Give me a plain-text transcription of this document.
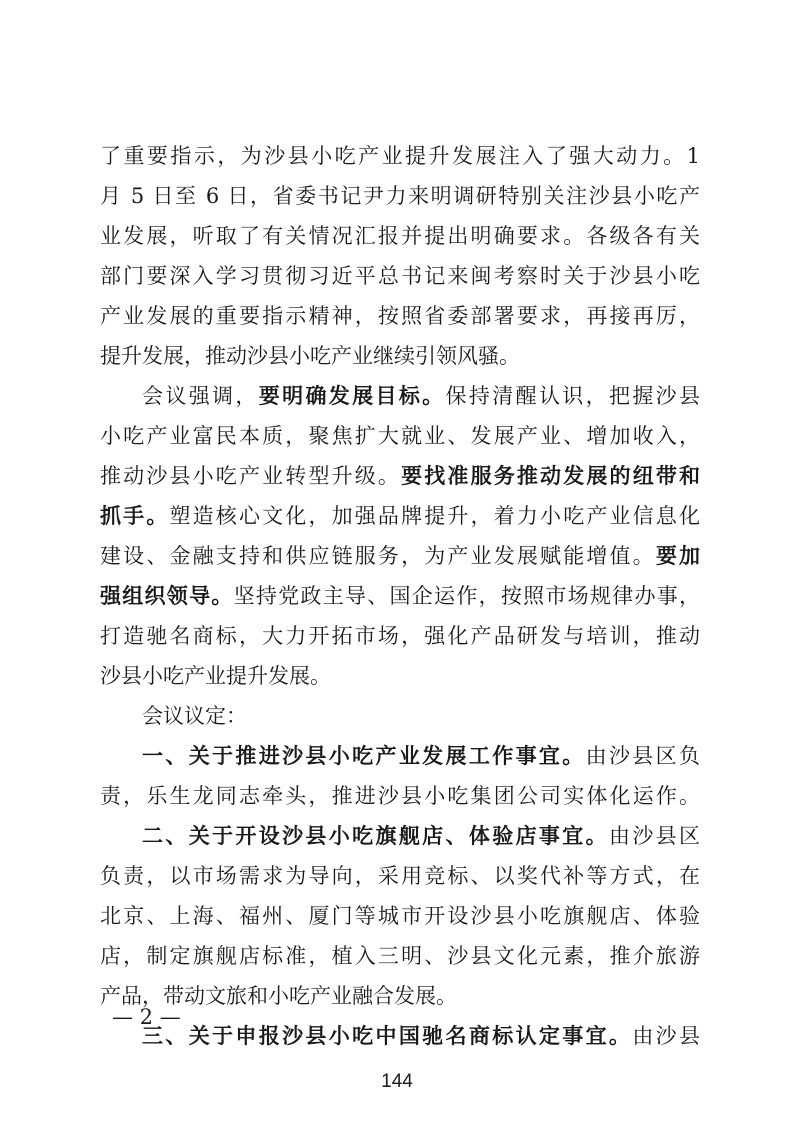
了重要指示，为沙县小吃产业提升发展注入了强大动力。1
月 5 日至 6 日，省委书记尹力来明调研特别关注沙县小吃产
业发展，听取了有关情况汇报并提出明确要求。各级各有关
部门要深入学习贯彻习近平总书记来闽考察时关于沙县小吃
产业发展的重要指示精神，按照省委部署要求，再接再厉，
提升发展，推动沙县小吃产业继续引领风骚。
会议强调，要明确发展目标。保持清醒认识，把握沙县
小吃产业富民本质，聚焦扩大就业、发展产业、增加收入，
推动沙县小吃产业转型升级。要找准服务推动发展的纽带和
抓手。塑造核心文化，加强品牌提升，着力小吃产业信息化
建设、金融支持和供应链服务，为产业发展赋能增值。要加
强组织领导。坚持党政主导、国企运作，按照市场规律办事，
打造驰名商标，大力开拓市场，强化产品研发与培训，推动
沙县小吃产业提升发展。
会议议定：
一、关于推进沙县小吃产业发展工作事宜。由沙县区负
责，乐生龙同志牵头，推进沙县小吃集团公司实体化运作。
二、关于开设沙县小吃旗舰店、体验店事宜。由沙县区
负责，以市场需求为导向，采用竞标、以奖代补等方式，在
北京、上海、福州、厦门等城市开设沙县小吃旗舰店、体验
店，制定旗舰店标准，植入三明、沙县文化元素，推介旅游
产品，带动文旅和小吃产业融合发展。
三、关于申报沙县小吃中国驰名商标认定事宜。由沙县
— 2 —
144
